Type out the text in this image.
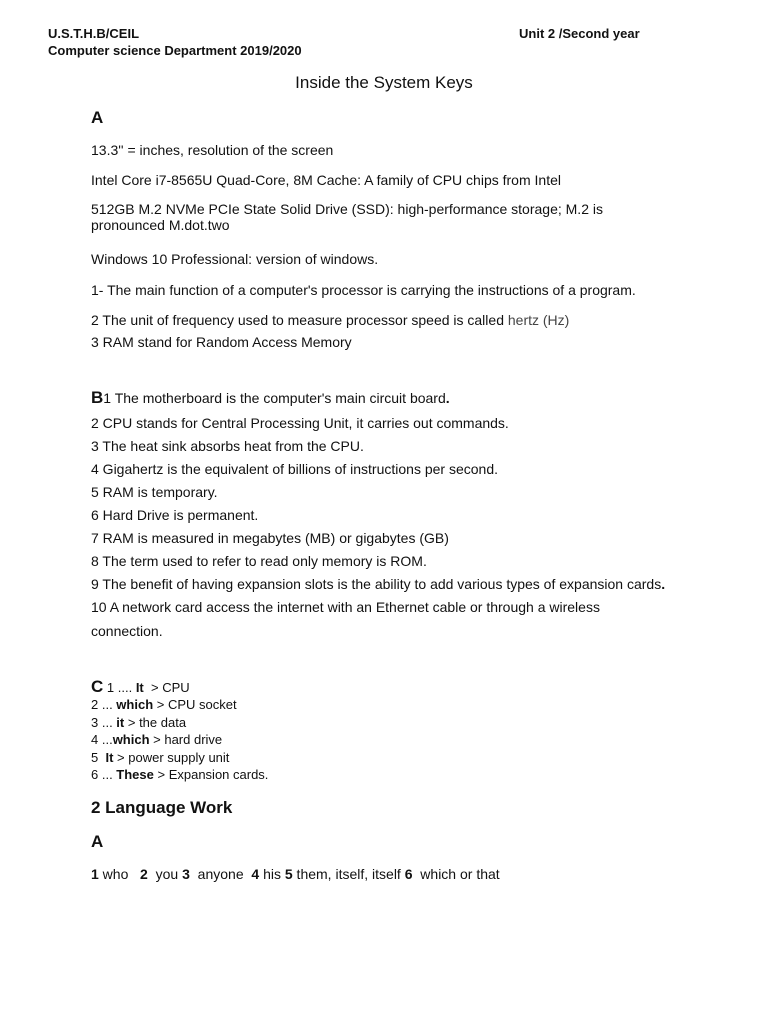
U.S.T.H.B/CEIL	Unit 2 /Second year
Computer science Department 2019/2020
Inside the System Keys
A
13.3'' = inches, resolution of the screen
Intel Core i7-8565U Quad-Core, 8M Cache: A family of CPU chips from Intel
512GB M.2 NVMe PCIe State Solid Drive (SSD): high-performance storage; M.2 is pronounced M.dot.two
Windows 10 Professional: version of windows.
1- The main function of a computer's processor is carrying the instructions of a program.
2 The unit of frequency used to measure processor speed is called hertz (Hz)
3 RAM stand for Random Access Memory
B1 The motherboard is the computer's main circuit board.
2 CPU stands for Central Processing Unit, it carries out commands.
3 The heat sink absorbs heat from the CPU.
4 Gigahertz is the equivalent of billions of instructions per second.
5 RAM is temporary.
6 Hard Drive is permanent.
7 RAM is measured in megabytes (MB) or gigabytes (GB)
8 The term used to refer to read only memory is ROM.
9 The benefit of having expansion slots is the ability to add various types of expansion cards.
10 A network card access the internet with an Ethernet cable or through a wireless
connection.
C 1 .... It  > CPU
2 ... which > CPU socket
3 ... it > the data
4 ...which > hard drive
5  It > power supply unit
6 ... These > Expansion cards.
2 Language Work
A
1 who   2  you 3  anyone  4 his 5 them, itself, itself 6  which or that
